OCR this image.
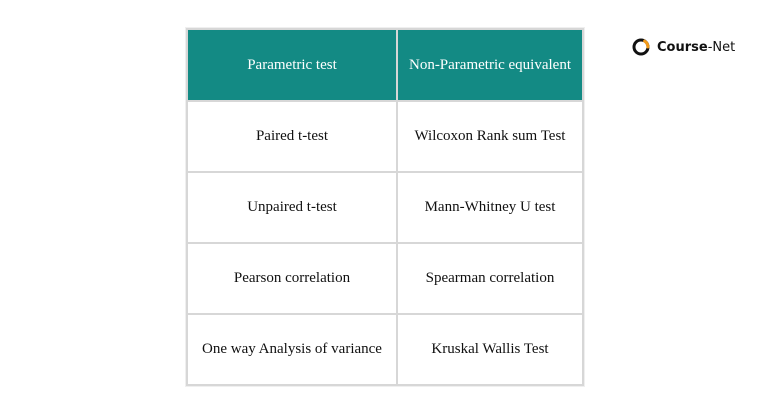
Parametric test	Non-Parametric equivalent
Paired t-test	Wilcoxon Rank sum Test
Unpaired t-test	Mann-Whitney U test
Pearson correlation	Spearman correlation
One way Analysis of variance	Kruskal Wallis Test
Course-Net
